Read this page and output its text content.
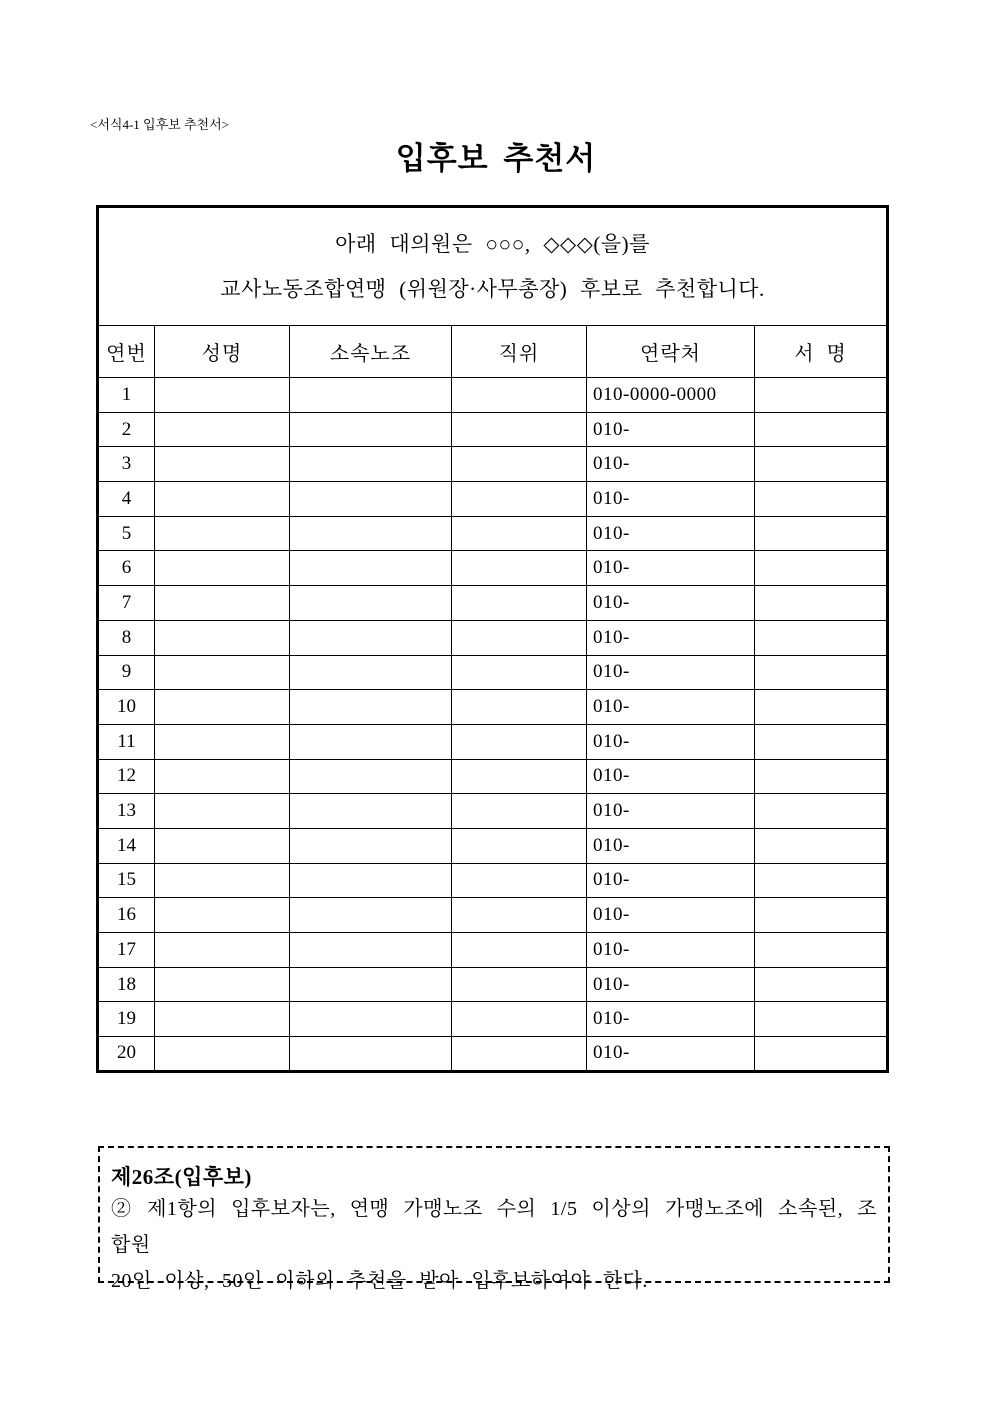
<서식4-1 입후보 추천서>
입후보 추천서
아래 대의원은 ○○○, ◇◇◇(을)를
교사노동조합연맹 (위원장·사무총장) 후보로 추천합니다.					

연번	성명	소속노조	직위	연락처	서  명
1				010-0000-0000	
2				010-	
3				010-	
4				010-	
5				010-	
6				010-	
7				010-	
8				010-	
9				010-	
10				010-	
11				010-	
12				010-	
13				010-	
14				010-	
15				010-	
16				010-	
17				010-	
18				010-	
19				010-	
20				010-	
제26조(입후보)
② 제1항의 입후보자는, 연맹 가맹노조 수의 1/5 이상의 가맹노조에 소속된, 조합원
20인 이상, 50인 이하의 추천을 받아 입후보하여야 한다.
